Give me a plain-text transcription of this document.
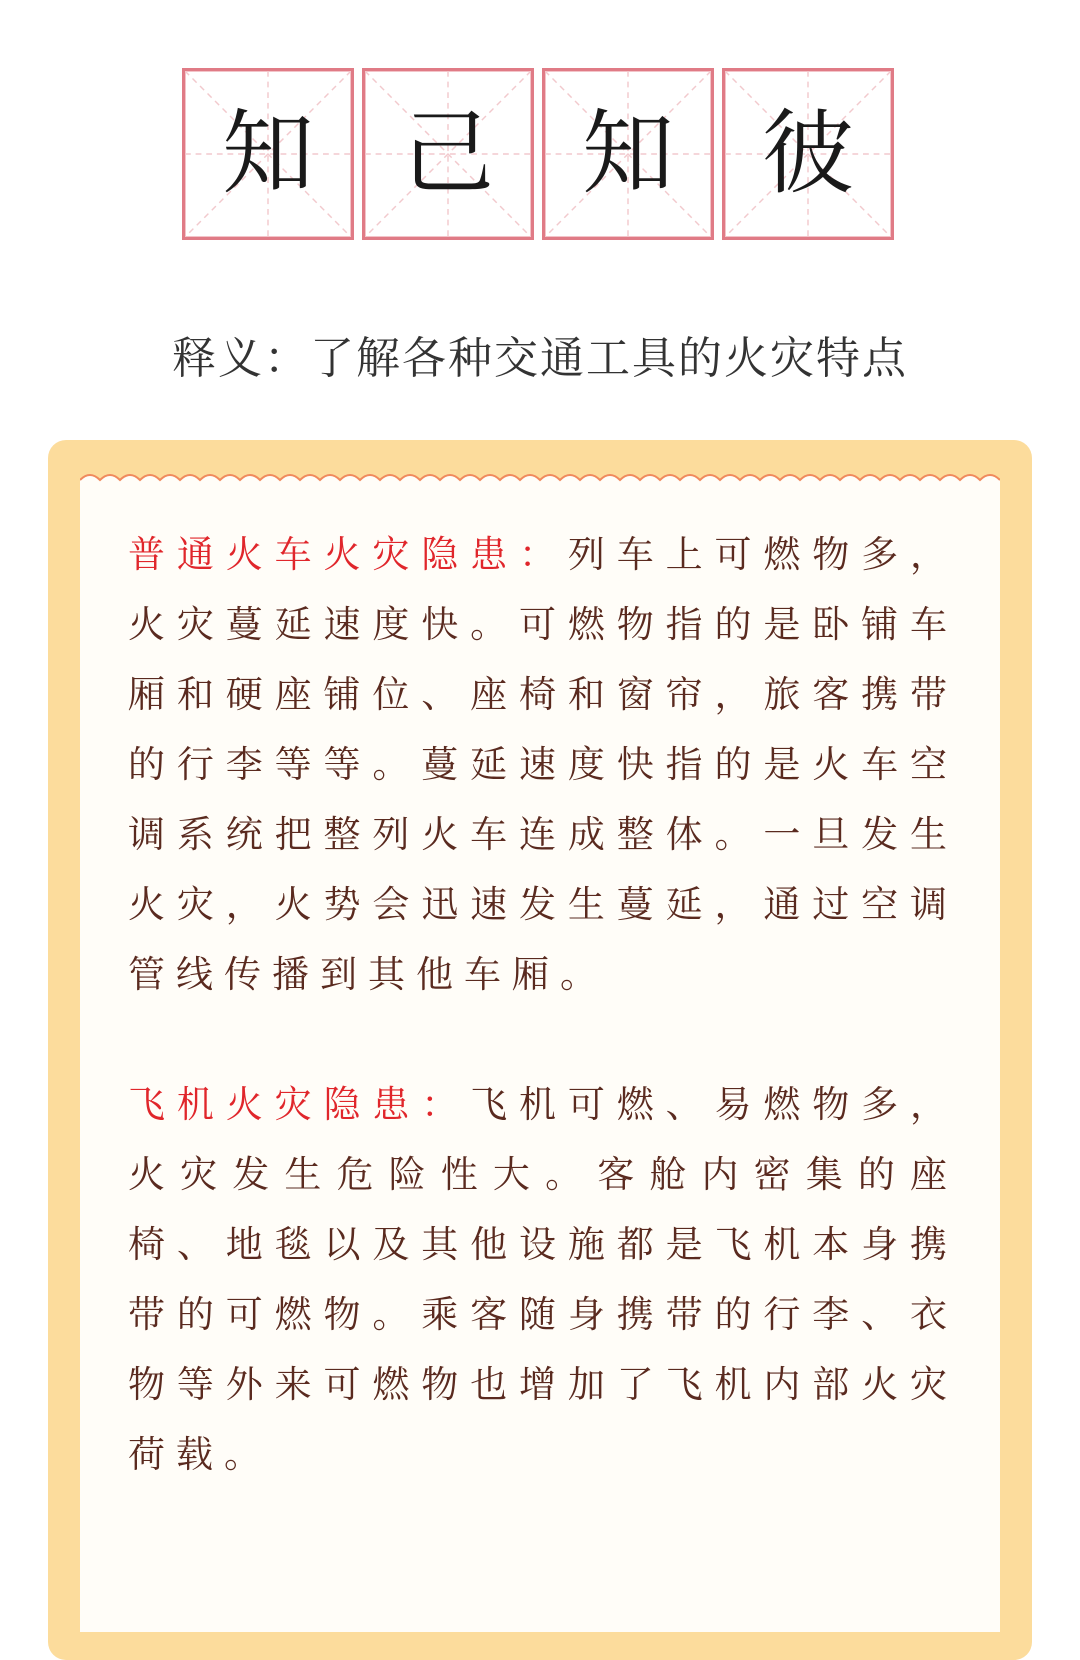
知 己 知 彼
释义：了解各种交通工具的火灾特点
普通火车火灾隐患：列车上可燃物多，火灾蔓延速度快。可燃物指的是卧铺车厢和硬座铺位、座椅和窗帘，旅客携带的行李等等。蔓延速度快指的是火车空调系统把整列火车连成整体。一旦发生火灾，火势会迅速发生蔓延，通过空调管线传播到其他车厢。
飞机火灾隐患：飞机可燃、易燃物多，火灾发生危险性大。客舱内密集的座椅、地毯以及其他设施都是飞机本身携带的可燃物。乘客随身携带的行李、衣物等外来可燃物也增加了飞机内部火灾荷载。
